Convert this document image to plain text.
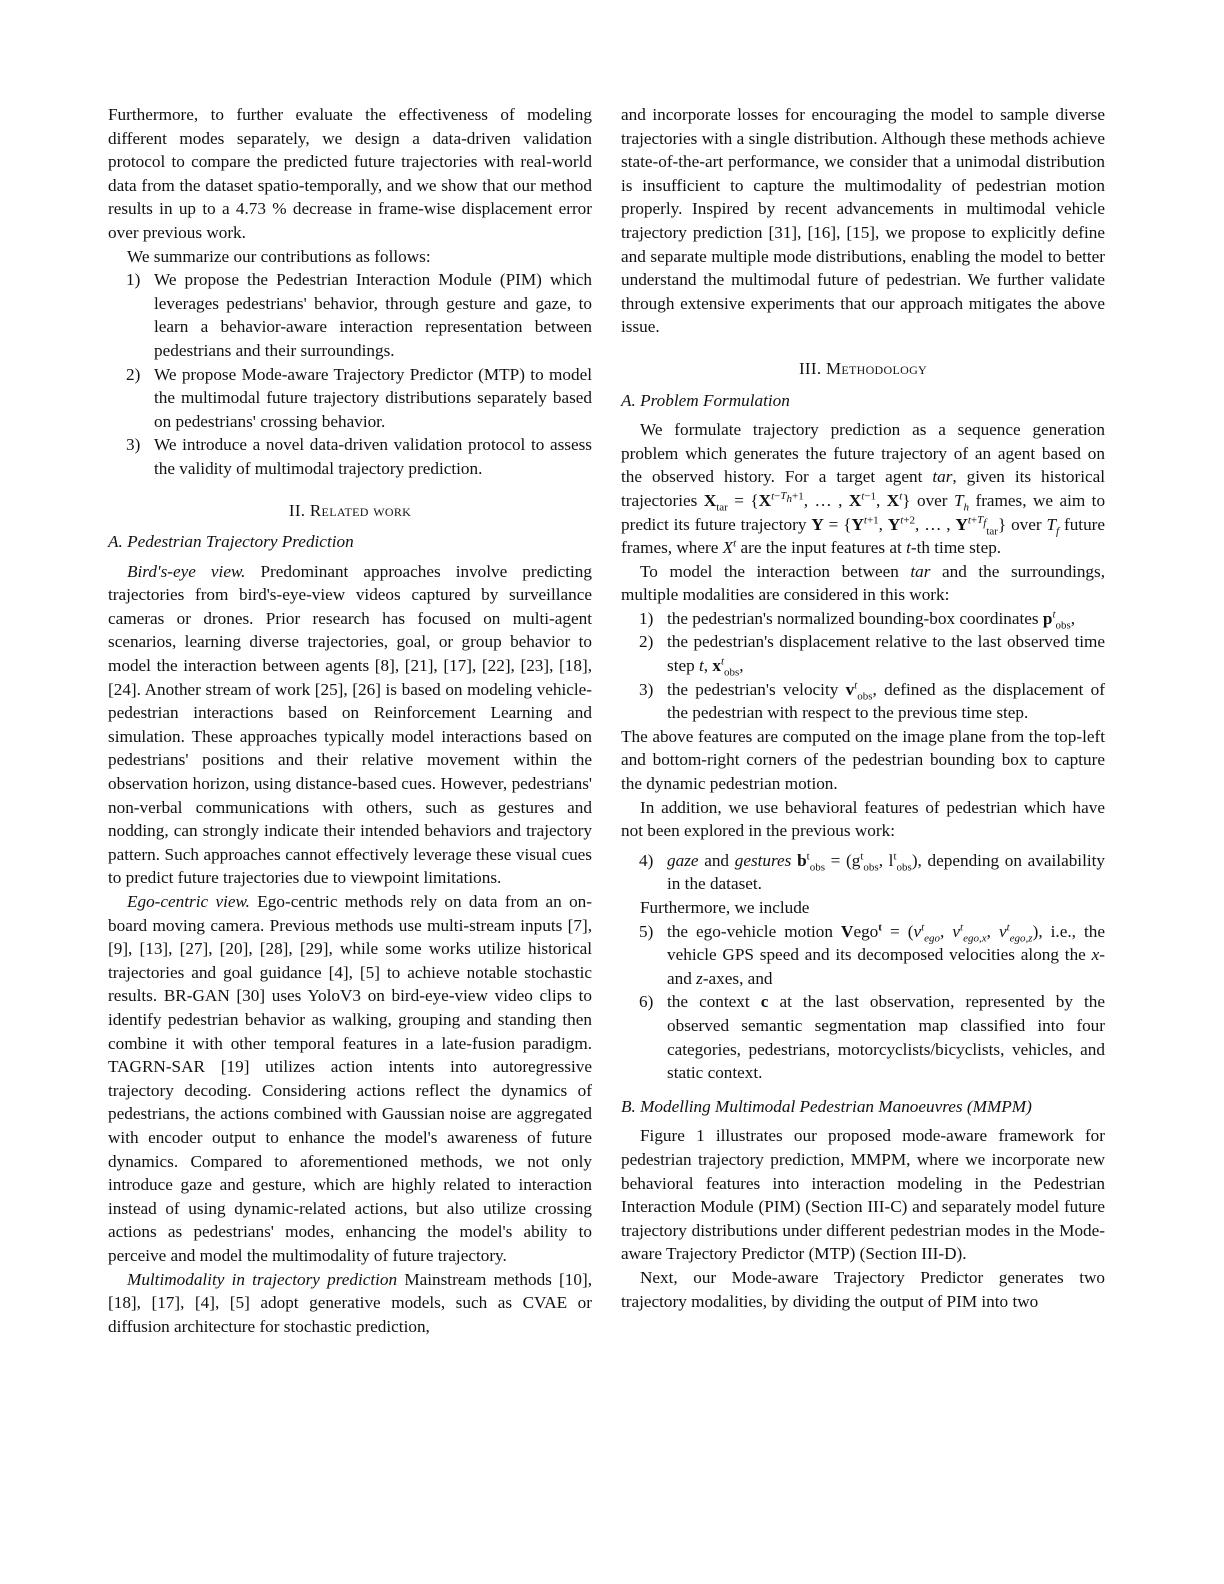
Furthermore, to further evaluate the effectiveness of modeling different modes separately, we design a data-driven validation protocol to compare the predicted future trajectories with real-world data from the dataset spatio-temporally, and we show that our method results in up to a 4.73 % decrease in frame-wise displacement error over previous work.

We summarize our contributions as follows:

1) We propose the Pedestrian Interaction Module (PIM) which leverages pedestrians' behavior, through gesture and gaze, to learn a behavior-aware interaction representation between pedestrians and their surroundings.
2) We propose Mode-aware Trajectory Predictor (MTP) to model the multimodal future trajectory distributions separately based on pedestrians' crossing behavior.
3) We introduce a novel data-driven validation protocol to assess the validity of multimodal trajectory prediction.
II. Related work
A. Pedestrian Trajectory Prediction

Bird's-eye view. Predominant approaches involve predicting trajectories from bird's-eye-view videos captured by surveillance cameras or drones. Prior research has focused on multi-agent scenarios, learning diverse trajectories, goal, or group behavior to model the interaction between agents [8], [21], [17], [22], [23], [18], [24]. Another stream of work [25], [26] is based on modeling vehicle-pedestrian interactions based on Reinforcement Learning and simulation. These approaches typically model interactions based on pedestrians' positions and their relative movement within the observation horizon, using distance-based cues. However, pedestrians' non-verbal communications with others, such as gestures and nodding, can strongly indicate their intended behaviors and trajectory pattern. Such approaches cannot effectively leverage these visual cues to predict future trajectories due to viewpoint limitations.

Ego-centric view. Ego-centric methods rely on data from an on-board moving camera. Previous methods use multi-stream inputs [7], [9], [13], [27], [20], [28], [29], while some works utilize historical trajectories and goal guidance [4], [5] to achieve notable stochastic results. BR-GAN [30] uses YoloV3 on bird-eye-view video clips to identify pedestrian behavior as walking, grouping and standing then combine it with other temporal features in a late-fusion paradigm. TAGRN-SAR [19] utilizes action intents into autoregressive trajectory decoding. Considering actions reflect the dynamics of pedestrians, the actions combined with Gaussian noise are aggregated with encoder output to enhance the model's awareness of future dynamics. Compared to aforementioned methods, we not only introduce gaze and gesture, which are highly related to interaction instead of using dynamic-related actions, but also utilize crossing actions as pedestrians' modes, enhancing the model's ability to perceive and model the multimodality of future trajectory.

Multimodality in trajectory prediction Mainstream methods [10], [18], [17], [4], [5] adopt generative models, such as CVAE or diffusion architecture for stochastic prediction,

and incorporate losses for encouraging the model to sample diverse trajectories with a single distribution. Although these methods achieve state-of-the-art performance, we consider that a unimodal distribution is insufficient to capture the multimodality of pedestrian motion properly. Inspired by recent advancements in multimodal vehicle trajectory prediction [31], [16], [15], we propose to explicitly define and separate multiple mode distributions, enabling the model to better understand the multimodal future of pedestrian. We further validate through extensive experiments that our approach mitigates the above issue.

III. Methodology
A. Problem Formulation

We formulate trajectory prediction as a sequence generation problem which generates the future trajectory of an agent based on the observed history. For a target agent tar, given its historical trajectories $X_{tar} = \{X^{t-T_h+1}$, … , $X^{t-1}$, $X^t$} over $T_h$ frames, we aim to predict its future trajectory $Y = \{Y^{t+1}$, $Y^{t+2}$, … , $Y^{t+T_f}_{tar}$} over $T_f$ future frames, where $X^t$ are the input features at t-th time step.

To model the interaction between tar and the surroundings, multiple modalities are considered in this work:

1) the pedestrian's normalized bounding-box coordinates $p^t_{obs}$,
2) the pedestrian's displacement relative to the last observed time step t, $x^t_{obs}$,
3) the pedestrian's velocity $v^t_{obs}$, defined as the displacement of the pedestrian with respect to the previous time step.

The above features are computed on the image plane from the top-left and bottom-right corners of the pedestrian bounding box to capture the dynamic pedestrian motion.

In addition, we use behavioral features of pedestrian which have not been explored in the previous work:

4) gaze and gestures $b^t_{obs} = (g^t_{obs}$, $l^t_{obs}$), depending on availability in the dataset.

Furthermore, we include

5) the ego-vehicle motion Vego$^t$ = ($v^t_{ego}$, $v^t_{ego,x}$, $v^t_{ego,z}$), i.e., the vehicle GPS speed and its decomposed velocities along the x- and z-axes, and
6) the context c at the last observation, represented by the observed semantic segmentation map classified into four categories, pedestrians, motorcyclists/bicyclists, vehicles, and static context.
B. Modelling Multimodal Pedestrian Manoeuvres (MMPM)

Figure 1 illustrates our proposed mode-aware framework for pedestrian trajectory prediction, MMPM, where we incorporate new behavioral features into interaction modeling in the Pedestrian Interaction Module (PIM) (Section III-C) and separately model future trajectory distributions under different pedestrian modes in the Mode-aware Trajectory Predictor (MTP) (Section III-D).

Next, our Mode-aware Trajectory Predictor generates two trajectory modalities, by dividing the output of PIM into two
